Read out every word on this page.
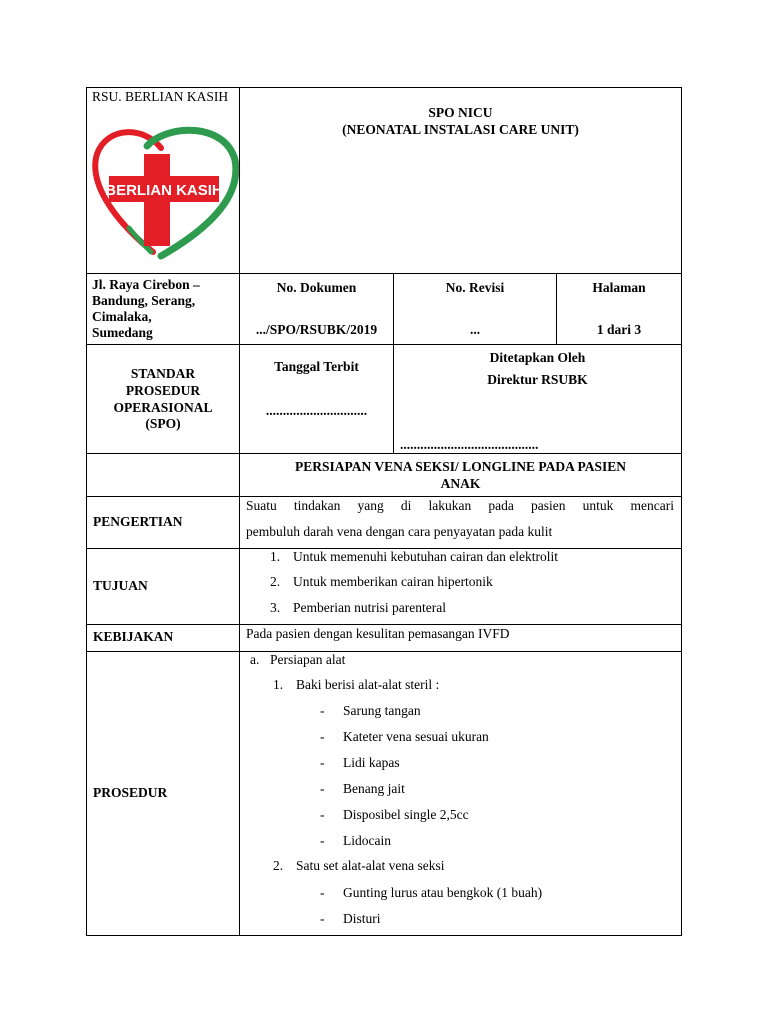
RSU. BERLIAN KASIH
BERLIAN KASIH
SPO NICU
(NEONATAL INSTALASI CARE UNIT)
Jl. Raya Cirebon –
Bandung, Serang,
Cimalaka,
Sumedang
No. Dokumen
.../SPO/RSUBK/2019
No. Revisi
...
Halaman
1 dari 3
STANDAR
PROSEDUR
OPERASIONAL
(SPO)
Tanggal Terbit
..............................
Ditetapkan Oleh
Direktur RSUBK
.........................................
PERSIAPAN VENA SEKSI/ LONGLINE PADA PASIEN
ANAK
PENGERTIAN
Suatu tindakan yang di lakukan pada pasien untuk mencari
pembuluh darah vena dengan cara penyayatan pada kulit
TUJUAN
1. Untuk memenuhi kebutuhan cairan dan elektrolit
2. Untuk memberikan cairan hipertonik
3. Pemberian nutrisi parenteral
KEBIJAKAN	Pada pasien dengan kesulitan pemasangan IVFD
PROSEDUR
a. Persiapan alat
1. Baki berisi alat-alat steril :
- Sarung tangan
- Kateter vena sesuai ukuran
- Lidi kapas
- Benang jait
- Disposibel single 2,5cc
- Lidocain
2. Satu set alat-alat vena seksi
- Gunting lurus atau bengkok (1 buah)
- Disturi
